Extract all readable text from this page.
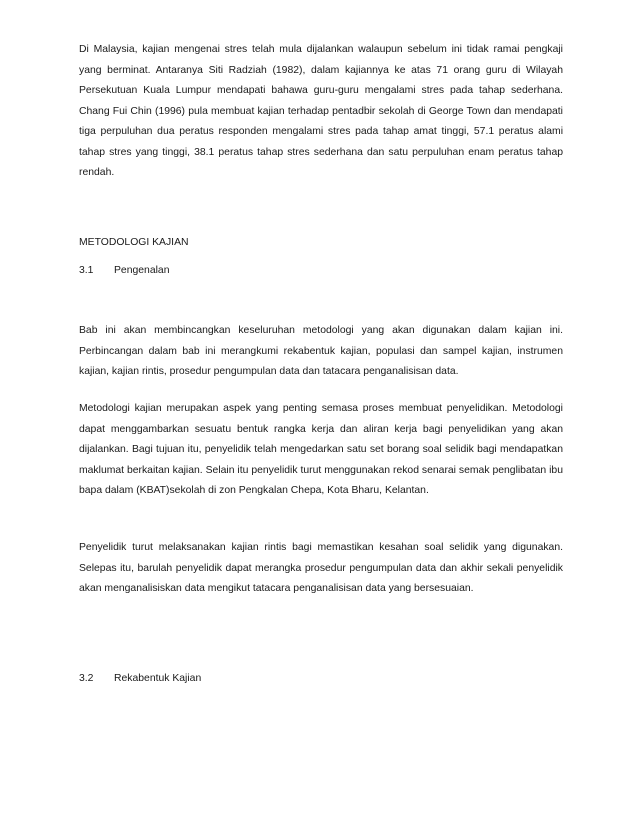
Di Malaysia, kajian mengenai stres telah mula dijalankan walaupun sebelum ini tidak ramai pengkaji yang berminat. Antaranya Siti Radziah (1982), dalam kajiannya ke atas 71 orang guru di Wilayah Persekutuan Kuala Lumpur mendapati bahawa guru-guru mengalami stres pada tahap sederhana. Chang Fui Chin (1996) pula membuat kajian terhadap pentadbir sekolah di George Town dan mendapati tiga perpuluhan dua peratus responden mengalami stres pada tahap amat tinggi, 57.1 peratus alami tahap stres yang tinggi, 38.1 peratus tahap stres sederhana dan satu perpuluhan enam peratus tahap rendah.

METODOLOGI KAJIAN

3.1	Pengenalan

Bab ini akan membincangkan keseluruhan metodologi yang akan digunakan dalam kajian ini. Perbincangan dalam bab ini merangkumi rekabentuk kajian, populasi dan sampel kajian, instrumen kajian, kajian rintis, prosedur pengumpulan data dan tatacara penganalisisan data.

Metodologi kajian merupakan aspek yang penting semasa proses membuat penyelidikan. Metodologi dapat menggambarkan sesuatu bentuk rangka kerja dan aliran kerja bagi penyelidikan yang akan dijalankan. Bagi tujuan itu, penyelidik telah mengedarkan satu set borang soal selidik bagi mendapatkan maklumat berkaitan kajian. Selain itu penyelidik turut menggunakan rekod senarai semak penglibatan ibu bapa dalam (KBAT)sekolah di zon Pengkalan Chepa, Kota Bharu, Kelantan.

Penyelidik turut melaksanakan kajian rintis bagi memastikan kesahan soal selidik yang digunakan. Selepas itu, barulah penyelidik dapat merangka prosedur pengumpulan data dan akhir sekali penyelidik akan menganalisiskan data mengikut tatacara penganalisisan data yang bersesuaian.

3.2	Rekabentuk Kajian
